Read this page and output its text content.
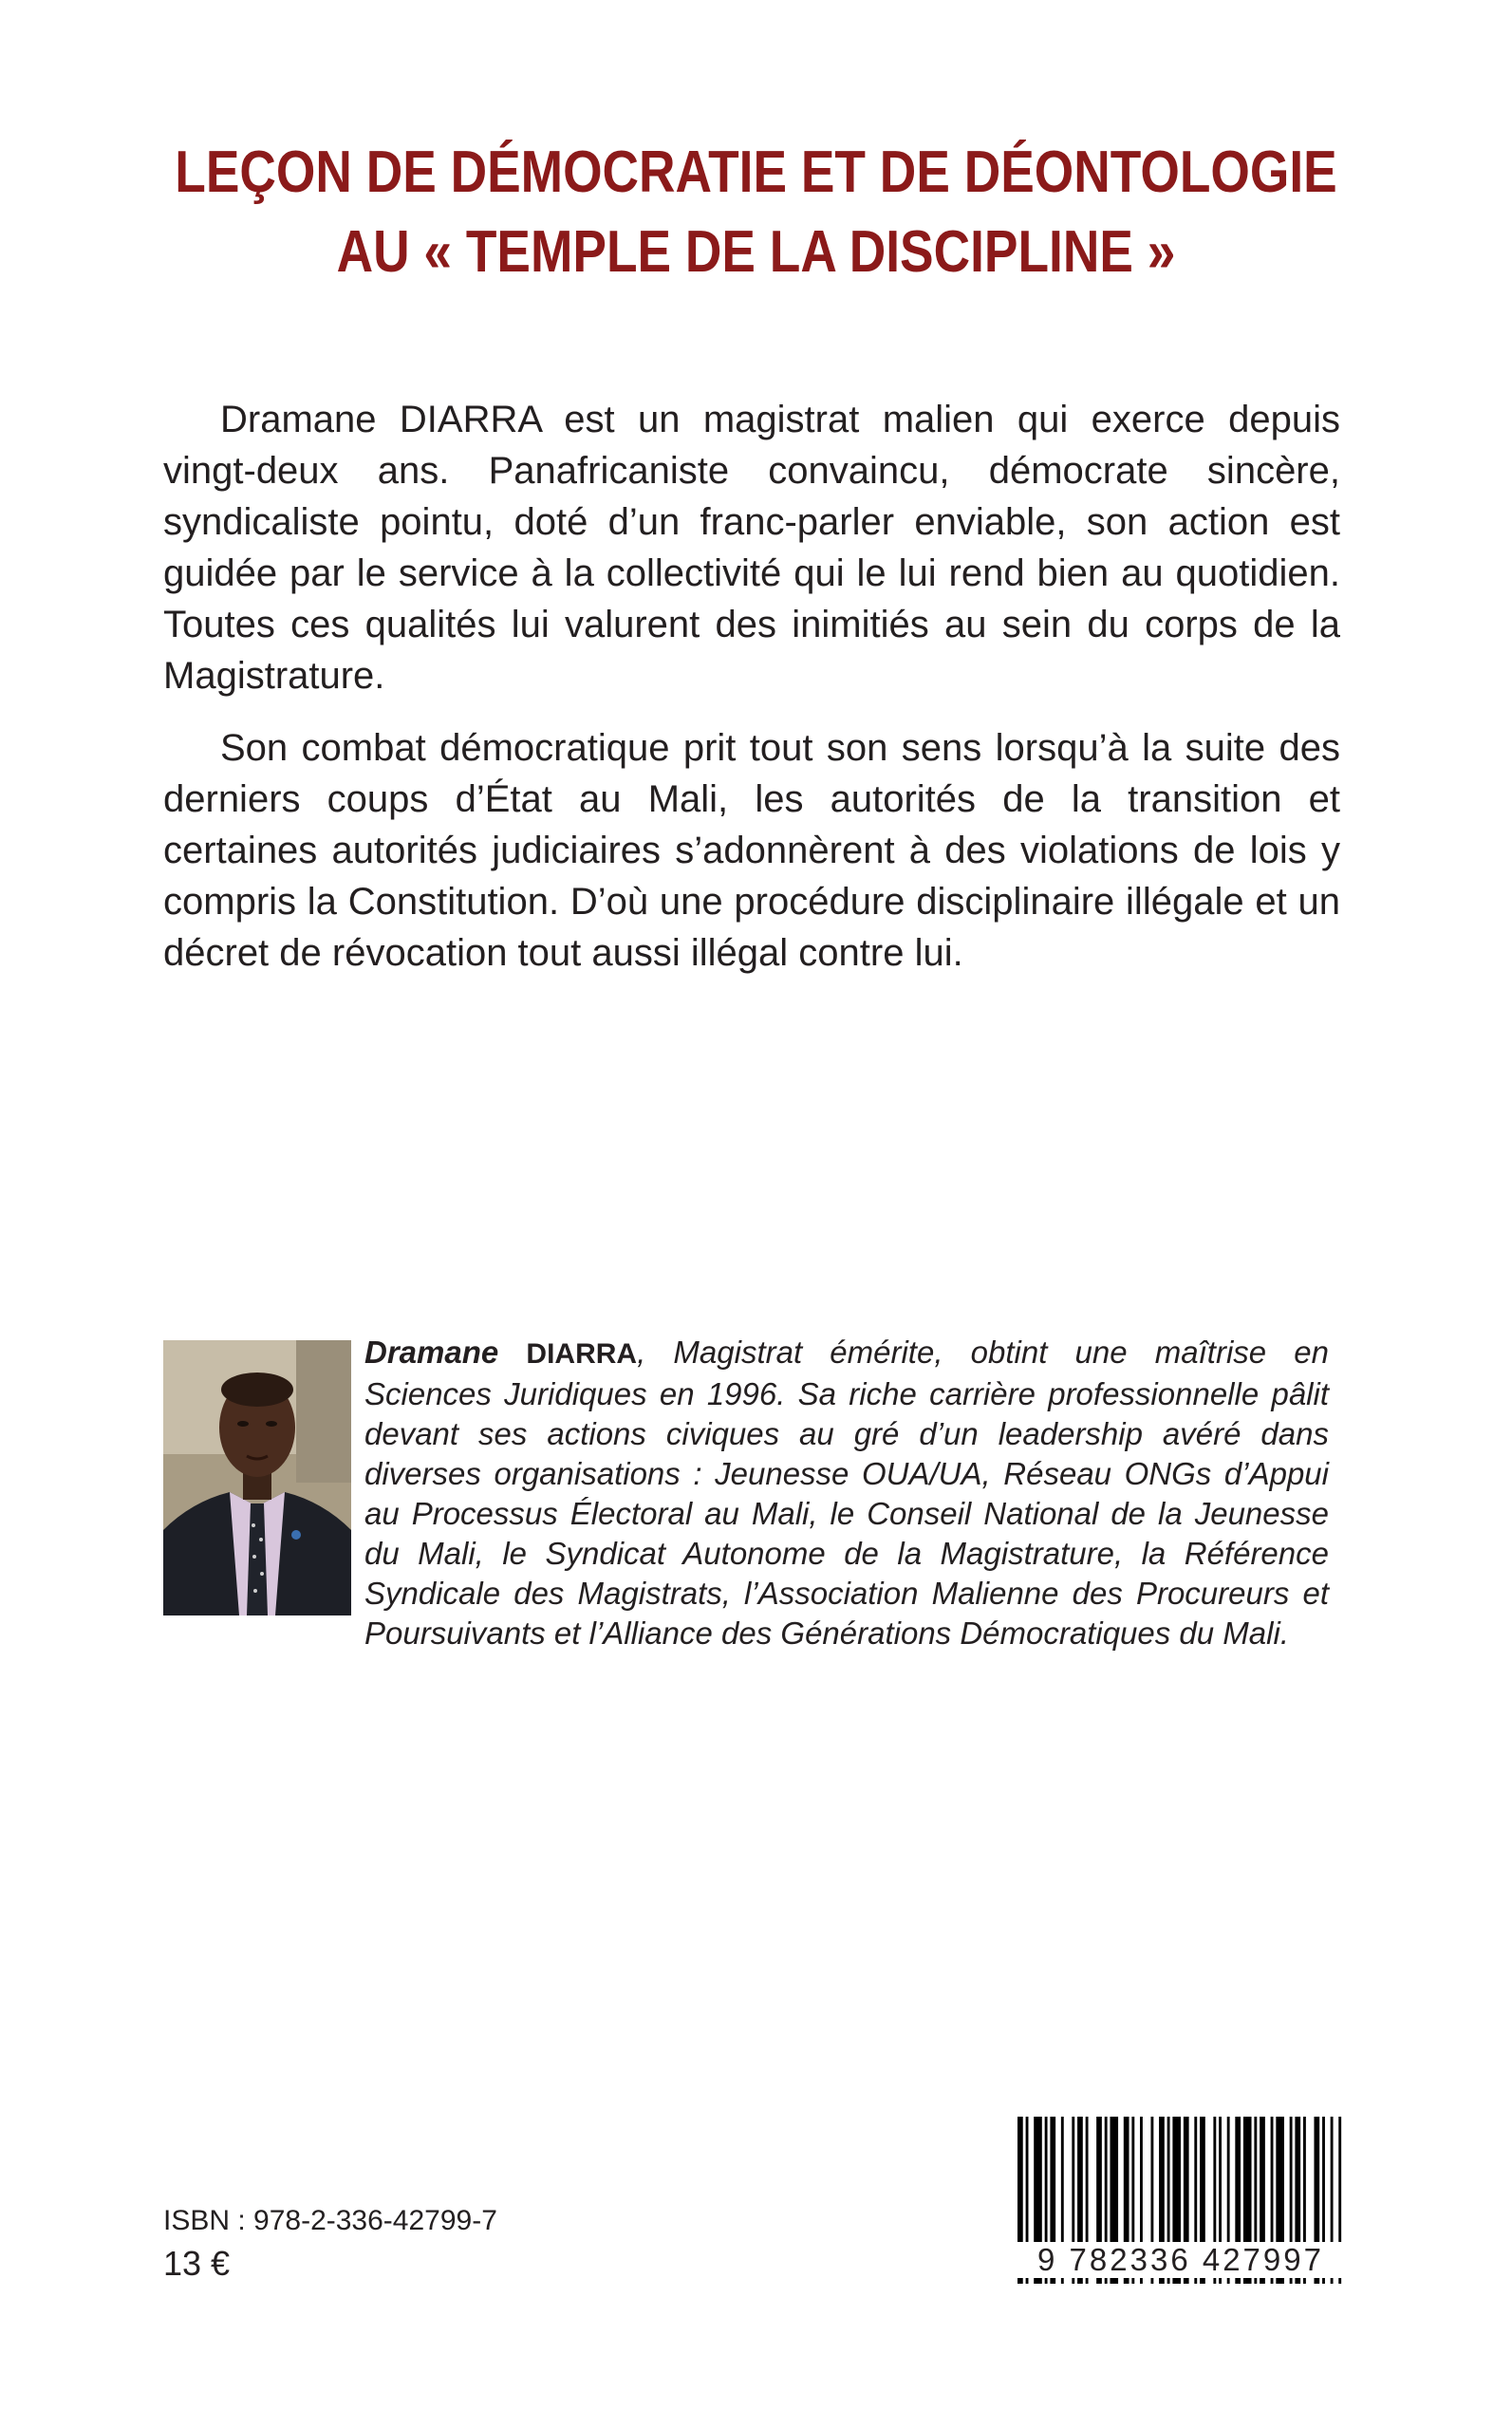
LEÇON DE DÉMOCRATIE ET DE DÉONTOLOGIE
AU « TEMPLE DE LA DISCIPLINE »

Dramane DIARRA est un magistrat malien qui exerce depuis vingt-deux ans. Panafricaniste convaincu, démocrate sincère, syndicaliste pointu, doté d’un franc-parler enviable, son action est guidée par le service à la collectivité qui le lui rend bien au quotidien. Toutes ces qualités lui valurent des inimitiés au sein du corps de la Magistrature.

Son combat démocratique prit tout son sens lorsqu’à la suite des derniers coups d’État au Mali, les autorités de la transition et certaines autorités judiciaires s’adonnèrent à des violations de lois y compris la Constitution. D’où une procédure disciplinaire illégale et un décret de révocation tout aussi illégal contre lui.

Dramane DIARRA, Magistrat émérite, obtint une maîtrise en Sciences Juridiques en 1996. Sa riche carrière professionnelle pâlit devant ses actions civiques au gré d’un leadership avéré dans diverses organisations : Jeunesse OUA/UA, Réseau ONGs d’Appui au Processus Électoral au Mali, le Conseil National de la Jeunesse du Mali, le Syndicat Autonome de la Magistrature, la Référence Syndicale des Magistrats, l’Association Malienne des Procureurs et Poursuivants et l’Alliance des Générations Démocratiques du Mali.
ISBN : 978-2-336-42799-7
13 €	9 782336 427997
